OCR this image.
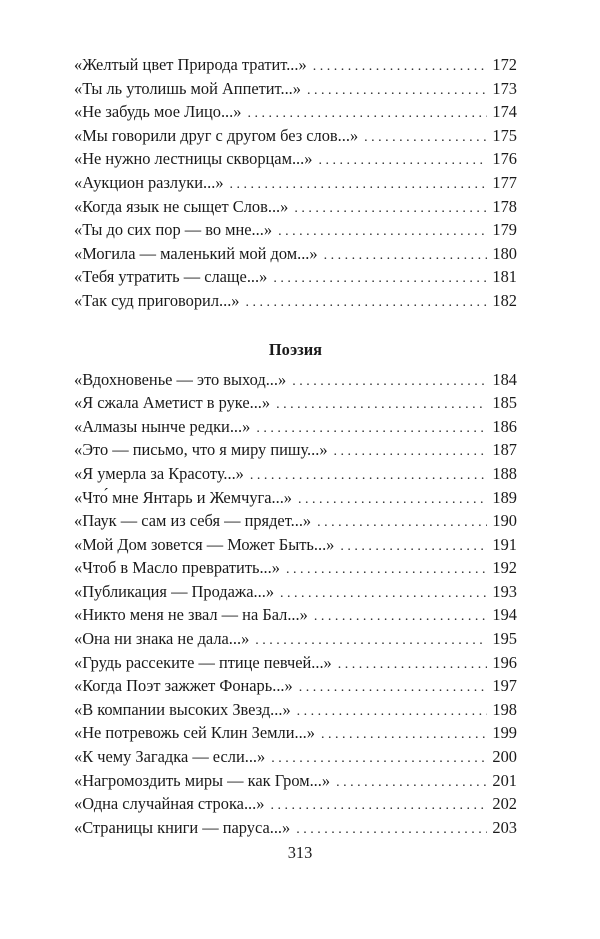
«Желтый цвет Природа тратит...» . . .	172
«Ты ль утолишь мой Аппетит...» . . .	173
«Не забудь мое Лицо...» . . .	174
«Мы говорили друг с другом без слов...» . . .	175
«Не нужно лестницы скворцам...» . . .	176
«Аукцион разлуки...» . . .	177
«Когда язык не сыщет Слов...» . . .	178
«Ты до сих пор — во мне...» . . .	179
«Могила — маленький мой дом...» . . .	180
«Тебя утратить — слаще...» . . .	181
«Так суд приговорил...» . . .	182
Поэзия
«Вдохновенье — это выход...» . . .	184
«Я сжала Аметист в руке...» . . .	185
«Алмазы нынче редки...» . . .	186
«Это — письмо, что я миру пишу...» . . .	187
«Я умерла за Красоту...» . . .	188
«Что́ мне Янтарь и Жемчуга...» . . .	189
«Паук — сам из себя — прядет...» . . .	190
«Мой Дом зовется — Может Быть...» . . .	191
«Чтоб в Масло превратить...» . . .	192
«Публикация — Продажа...» . . .	193
«Никто меня не звал — на Бал...» . . .	194
«Она ни знака не дала...» . . .	195
«Грудь рассеките — птице певчей...» . . .	196
«Когда Поэт зажжет Фонарь...» . . .	197
«В компании высоких Звезд...» . . .	198
«Не потревожь сей Клин Земли...» . . .	199
«К чему Загадка — если...» . . .	200
«Нагромоздить миры — как Гром...» . . .	201
«Одна случайная строка...» . . .	202
«Страницы книги — паруса...» . . .	203
313
